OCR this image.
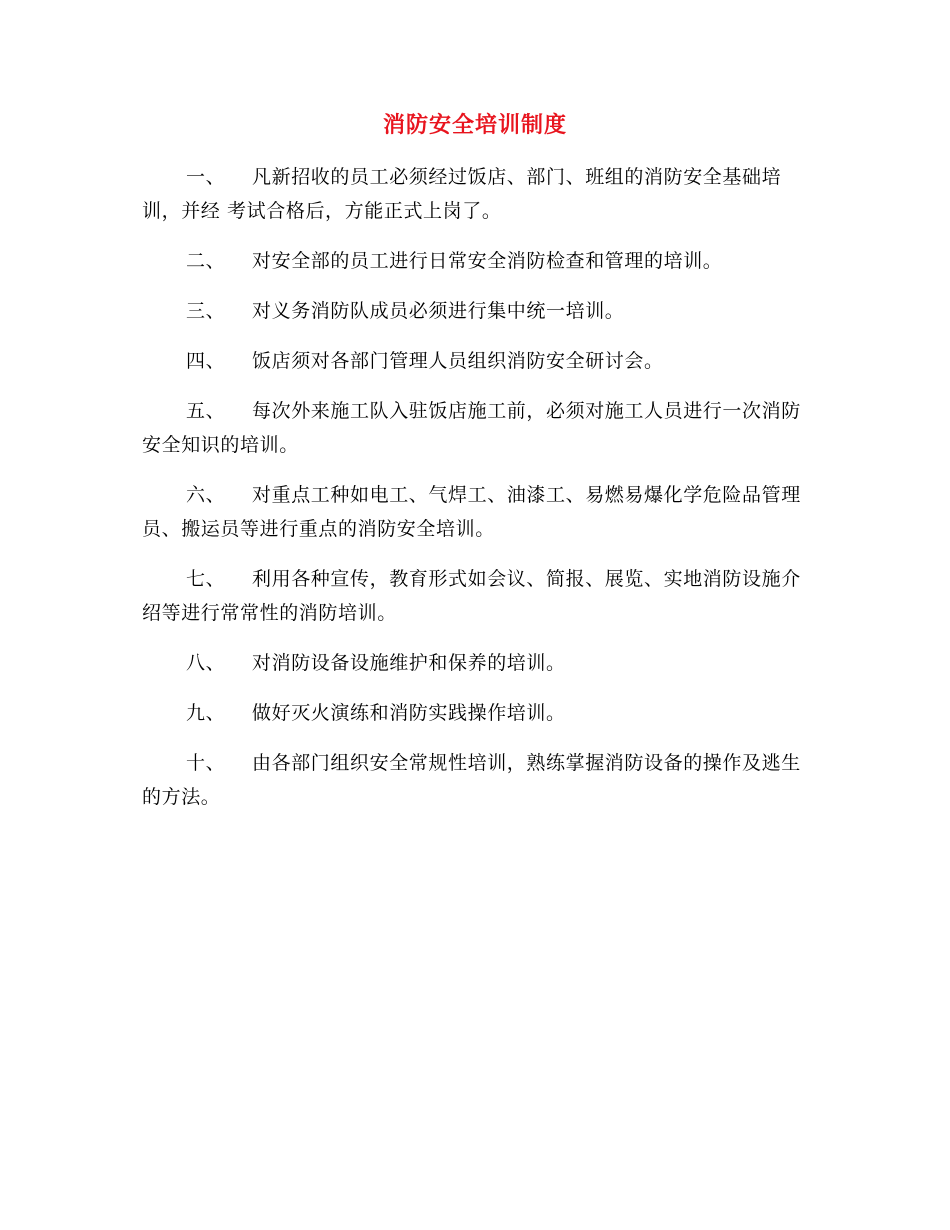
消防安全培训制度
一、 凡新招收的员工必须经过饭店、部门、班组的消防安全基础培训，并经 考试合格后，方能正式上岗了。
二、 对安全部的员工进行日常安全消防检查和管理的培训。
三、 对义务消防队成员必须进行集中统一培训。
四、 饭店须对各部门管理人员组织消防安全研讨会。
五、 每次外来施工队入驻饭店施工前，必须对施工人员进行一次消防安全知识的培训。
六、 对重点工种如电工、气焊工、油漆工、易燃易爆化学危险品管理员、搬运员等进行重点的消防安全培训。
七、 利用各种宣传，教育形式如会议、简报、展览、实地消防设施介绍等进行常常性的消防培训。
八、 对消防设备设施维护和保养的培训。
九、 做好灭火演练和消防实践操作培训。
十、 由各部门组织安全常规性培训，熟练掌握消防设备的操作及逃生的方法。
